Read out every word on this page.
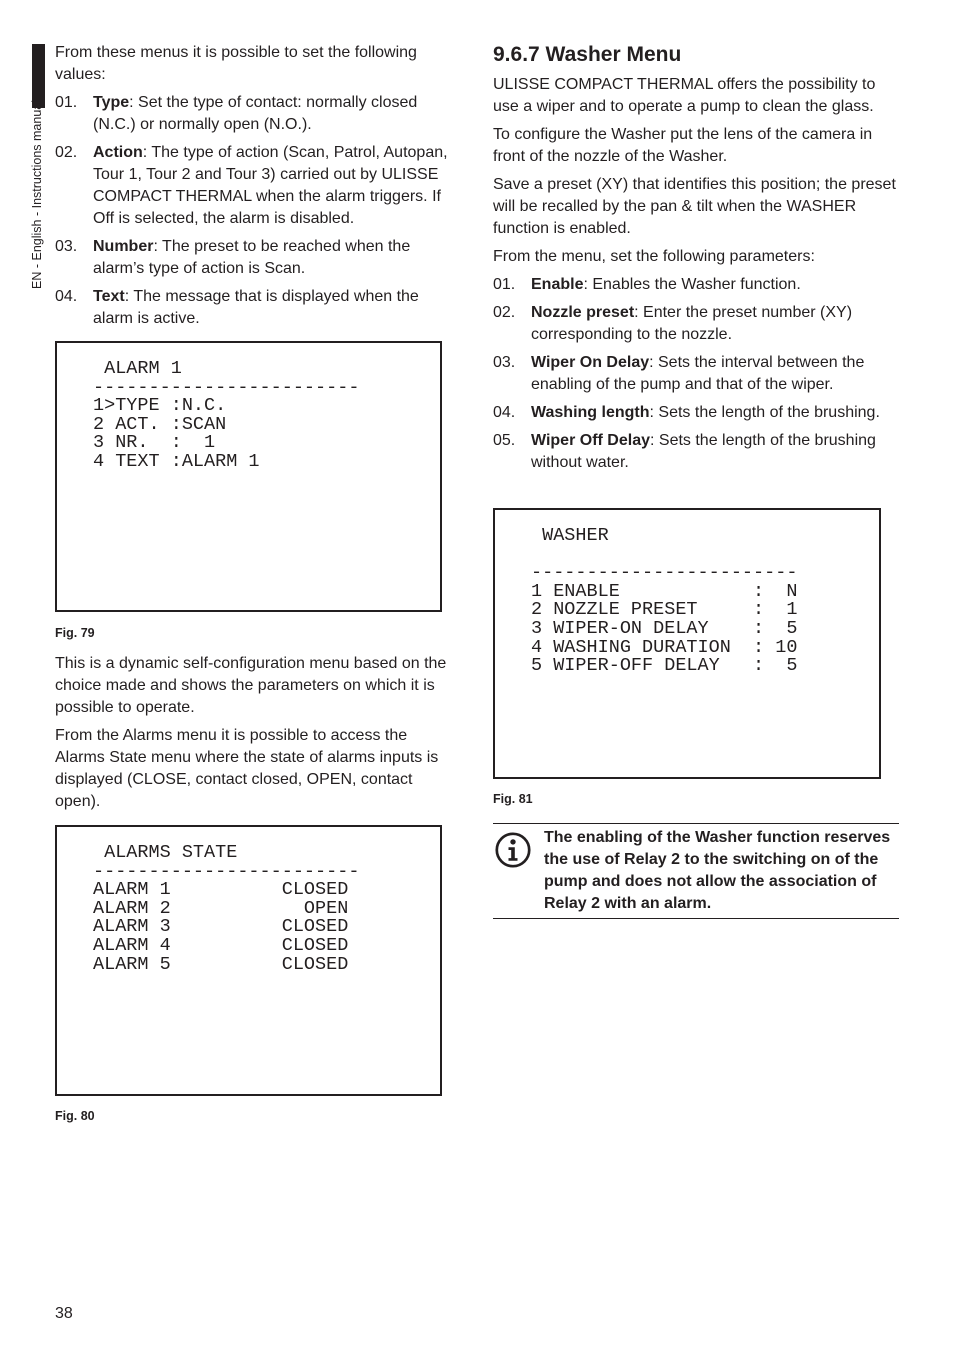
EN - English - Instructions manual

From these menus it is possible to set the following values:

01. Type: Set the type of contact: normally closed (N.C.) or normally open (N.O.).
02. Action: The type of action (Scan, Patrol, Autopan, Tour 1, Tour 2 and Tour 3) carried out by ULISSE COMPACT THERMAL when the alarm triggers. If Off is selected, the alarm is disabled.
03. Number: The preset to be reached when the alarm’s type of action is Scan.
04. Text: The message that is displayed when the alarm is active.
ALARM 1
------------------------
1>TYPE :N.C.
2 ACT. :SCAN
3 NR.  :  1
4 TEXT :ALARM 1
Fig. 79

This is a dynamic self-configuration menu based on the choice made and shows the parameters on which it is possible to operate.

From the Alarms menu it is possible to access the Alarms State menu where the state of alarms inputs is displayed (CLOSE, contact closed, OPEN, contact open).

ALARMS STATE
------------------------
ALARM 1          CLOSED
ALARM 2            OPEN
ALARM 3          CLOSED
ALARM 4          CLOSED
ALARM 5          CLOSED
Fig. 80
9.6.7 Washer Menu

ULISSE COMPACT THERMAL offers the possibility to use a wiper and to operate a pump to clean the glass.

To configure the Washer put the lens of the camera in front of the nozzle of the Washer.

Save a preset (XY) that identifies this position; the preset will be recalled by the pan & tilt when the WASHER function is enabled.

From the menu, set the following parameters:

01. Enable: Enables the Washer function.
02. Nozzle preset: Enter the preset number (XY) corresponding to the nozzle.
03. Wiper On Delay: Sets the interval between the enabling of the pump and that of the wiper.
04. Washing length: Sets the length of the brushing.
05. Wiper Off Delay: Sets the length of the brushing without water.
WASHER

------------------------
1 ENABLE            :  N
2 NOZZLE PRESET     :  1
3 WIPER-ON DELAY    :  5
4 WASHING DURATION  : 10
5 WIPER-OFF DELAY   :  5
Fig. 81
The enabling of the Washer function reserves the use of Relay 2 to the switching on of the pump and does not allow the association of Relay 2 with an alarm.
38
